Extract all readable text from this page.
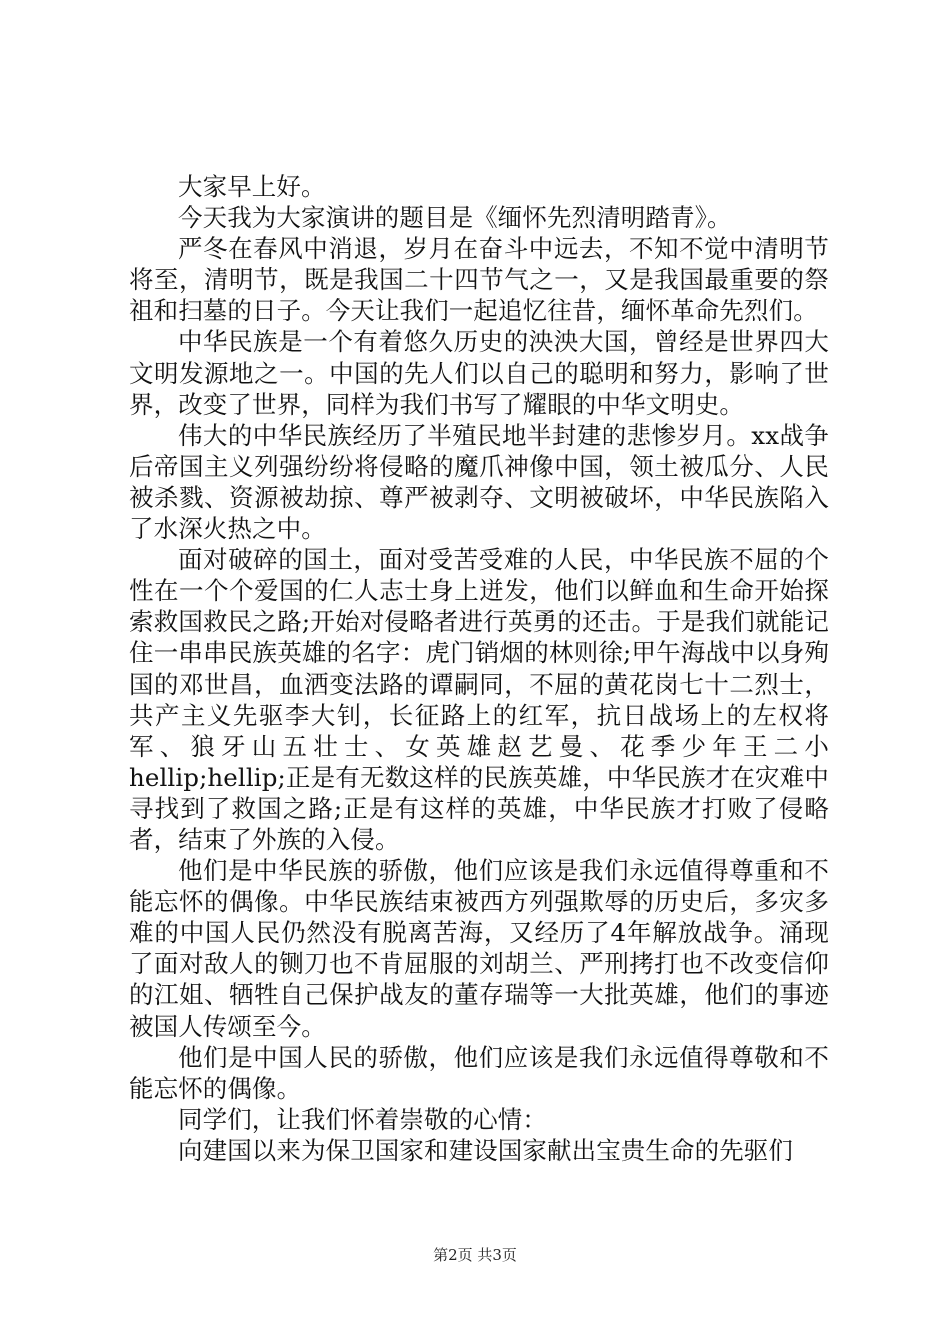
大家早上好。

今天我为大家演讲的题目是《缅怀先烈清明踏青》。

严冬在春风中消退，岁月在奋斗中远去，不知不觉中清明节将至，清明节，既是我国二十四节气之一，又是我国最重要的祭祖和扫墓的日子。今天让我们一起追忆往昔，缅怀革命先烈们。

中华民族是一个有着悠久历史的泱泱大国，曾经是世界四大文明发源地之一。中国的先人们以自己的聪明和努力，影响了世界，改变了世界，同样为我们书写了耀眼的中华文明史。

伟大的中华民族经历了半殖民地半封建的悲惨岁月。xx战争后帝国主义列强纷纷将侵略的魔爪神像中国，领土被瓜分、人民被杀戮、资源被劫掠、尊严被剥夺、文明被破坏，中华民族陷入了水深火热之中。

面对破碎的国土，面对受苦受难的人民，中华民族不屈的个性在一个个爱国的仁人志士身上迸发，他们以鲜血和生命开始探索救国救民之路;开始对侵略者进行英勇的还击。于是我们就能记住一串串民族英雄的名字：虎门销烟的林则徐;甲午海战中以身殉国的邓世昌，血洒变法路的谭嗣同，不屈的黄花岗七十二烈士，共产主义先驱李大钊，长征路上的红军，抗日战场上的左权将军、狼牙山五壮士、女英雄赵艺曼、花季少年王二小hellip;hellip;正是有无数这样的民族英雄，中华民族才在灾难中寻找到了救国之路;正是有这样的英雄，中华民族才打败了侵略者，结束了外族的入侵。

他们是中华民族的骄傲，他们应该是我们永远值得尊重和不能忘怀的偶像。中华民族结束被西方列强欺辱的历史后，多灾多难的中国人民仍然没有脱离苦海，又经历了4年解放战争。涌现了面对敌人的铡刀也不肯屈服的刘胡兰、严刑拷打也不改变信仰的江姐、牺牲自己保护战友的董存瑞等一大批英雄，他们的事迹被国人传颂至今。

他们是中国人民的骄傲，他们应该是我们永远值得尊敬和不能忘怀的偶像。

同学们，让我们怀着崇敬的心情：

向建国以来为保卫国家和建设国家献出宝贵生命的先驱们

第2页 共3页
